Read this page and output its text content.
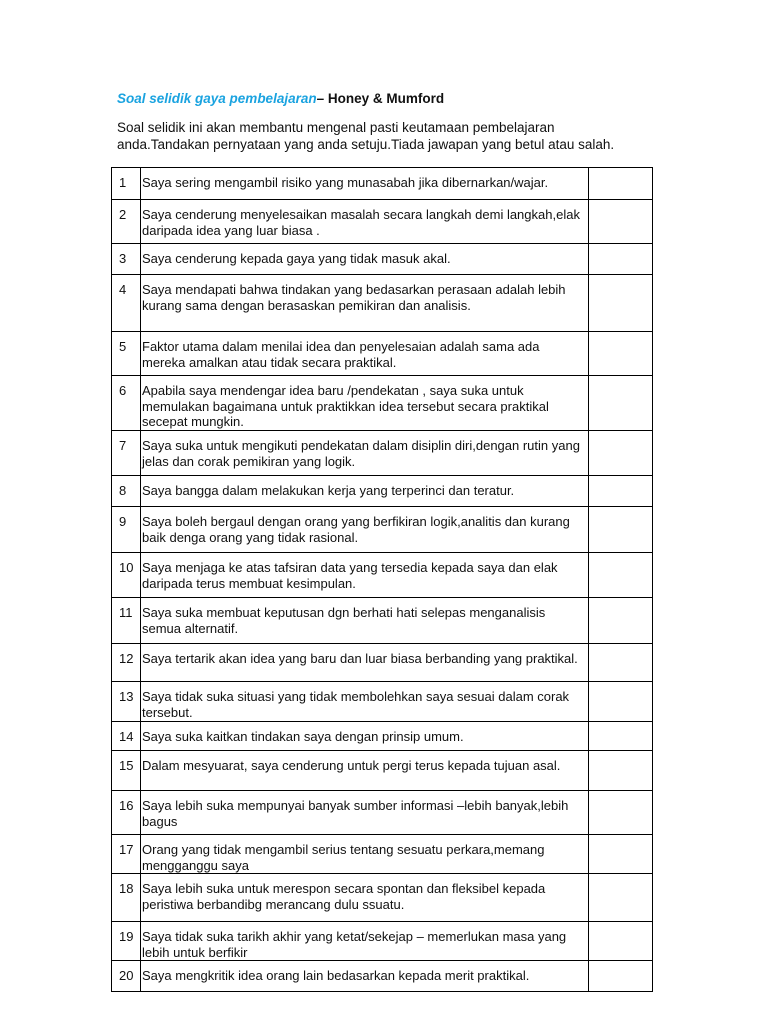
Soal selidik gaya pembelajaran– Honey & Mumford

Soal selidik ini akan membantu mengenal pasti keutamaan pembelajaran

anda.Tandakan pernyataan yang anda setuju.Tiada jawapan yang betul atau salah.

1	Saya sering mengambil risiko yang munasabah jika dibernarkan/wajar.	
2	Saya cenderung menyelesaikan masalah secara langkah demi langkah,elak daripada idea yang luar biasa .	
3	Saya cenderung kepada gaya yang tidak masuk akal.	
4	Saya mendapati bahwa tindakan yang bedasarkan perasaan adalah lebih kurang sama dengan berasaskan pemikiran dan analisis.	
5	Faktor utama dalam menilai idea dan penyelesaian adalah sama ada mereka amalkan atau tidak secara praktikal.	
6	Apabila saya mendengar idea baru /pendekatan , saya suka untuk memulakan bagaimana untuk praktikkan idea tersebut secara praktikal secepat mungkin.	
7	Saya suka untuk mengikuti pendekatan dalam disiplin diri,dengan rutin yang jelas dan corak pemikiran yang logik.	
8	Saya bangga dalam melakukan kerja yang terperinci dan teratur.	
9	Saya boleh bergaul dengan orang yang berfikiran logik,analitis dan kurang baik denga orang yang tidak rasional.	
10	Saya menjaga ke atas tafsiran data yang tersedia kepada saya dan elak daripada terus membuat kesimpulan.	
11	Saya suka membuat keputusan dgn berhati hati selepas menganalisis semua alternatif.	
12	Saya tertarik akan idea yang baru dan luar biasa berbanding yang praktikal.	
13	Saya tidak suka situasi yang tidak membolehkan saya sesuai dalam corak tersebut.	
14	Saya suka kaitkan tindakan saya dengan prinsip umum.	
15	Dalam mesyuarat, saya cenderung untuk pergi terus kepada tujuan asal.	
16	Saya lebih suka mempunyai banyak sumber informasi –lebih banyak,lebih bagus	
17	Orang yang tidak mengambil serius tentang sesuatu perkara,memang mengganggu saya	
18	Saya lebih suka untuk merespon secara spontan dan fleksibel kepada peristiwa berbandibg merancang dulu ssuatu.	
19	Saya tidak suka tarikh akhir yang ketat/sekejap – memerlukan masa yang lebih untuk berfikir	
20	Saya mengkritik idea orang lain bedasarkan kepada merit praktikal.	
